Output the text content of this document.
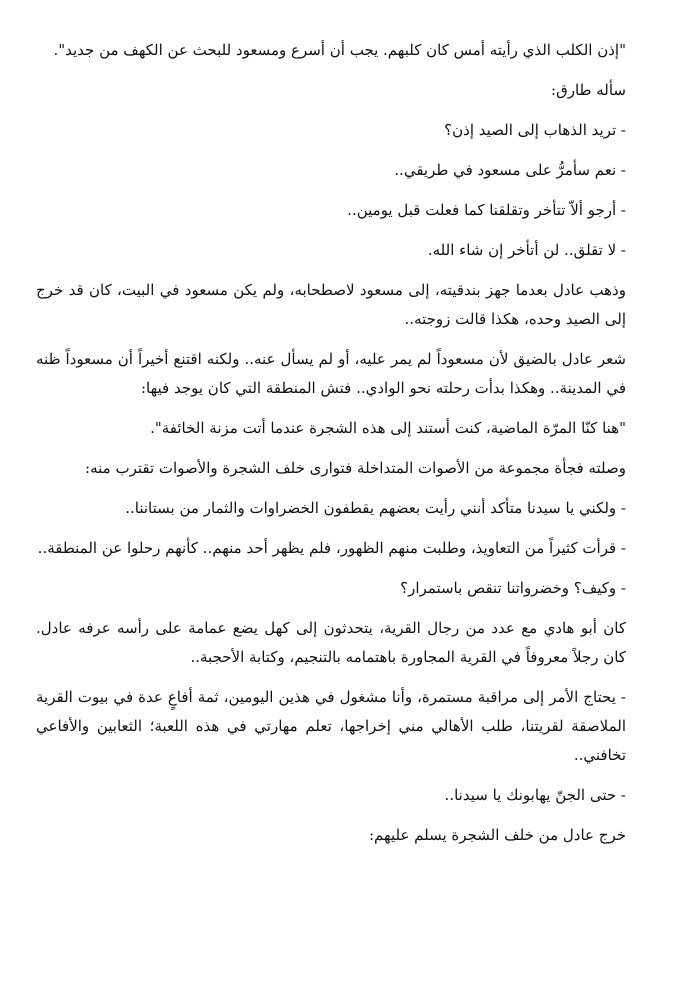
"إذن الكلب الذي رأيته أمس كان كلبهم. يجب أن أسرع ومسعود للبحث عن الكهف من جديد".

سأله طارق:

- تريد الذهاب إلى الصيد إذن؟

- نعم سأمرُّ على مسعود في طريقي..

- أرجو ألاّ تتأخر وتقلقنا كما فعلت قبل يومين..

- لا تقلق.. لن أتأخر إن شاء الله.

وذهب عادل بعدما جهز بندقيته، إلى مسعود لاصطحابه، ولم يكن مسعود في البيت، كان قد خرج إلى الصيد وحده، هكذا قالت زوجته..

شعر عادل بالضيق لأن مسعوداً لم يمر عليه، أو لم يسأل عنه.. ولكنه اقتنع أخيراً أن مسعوداً ظنه في المدينة.. وهكذا بدأت رحلته نحو الوادي.. فتش المنطقة التي كان يوجد فيها:

"هنا كنّا المرّة الماضية، كنت أستند إلى هذه الشجرة عندما أتت مزنة الخائفة".

وصلته فجأة مجموعة من الأصوات المتداخلة فتوارى خلف الشجرة والأصوات تقترب منه:

- ولكني يا سيدنا متأكد أنني رأيت بعضهم يقطفون الخضراوات والثمار من بستاننا..

- قرأت كثيراً من التعاويذ، وطلبت منهم الظهور، فلم يظهر أحد منهم.. كأنهم رحلوا عن المنطقة..

- وكيف؟ وخضرواتنا تنقص باستمرار؟

كان أبو هادي مع عدد من رجال القرية، يتحدثون إلى كهل يضع عمامة على رأسه عرفه عادل. كان رجلاً معروفاً في القرية المجاورة باهتمامه بالتنجيم، وكتابة الأحجبة..

- يحتاج الأمر إلى مراقبة مستمرة، وأنا مشغول في هذين اليومين، ثمة أفاعٍ عدة في بيوت القرية الملاصقة لقريتنا، طلب الأهالي مني إخراجها، تعلم مهارتي في هذه اللعبة؛ الثعابين والأفاعي تخافني..

- حتى الجنّ يهابونك يا سيدنا..

خرج عادل من خلف الشجرة يسلم عليهم:
